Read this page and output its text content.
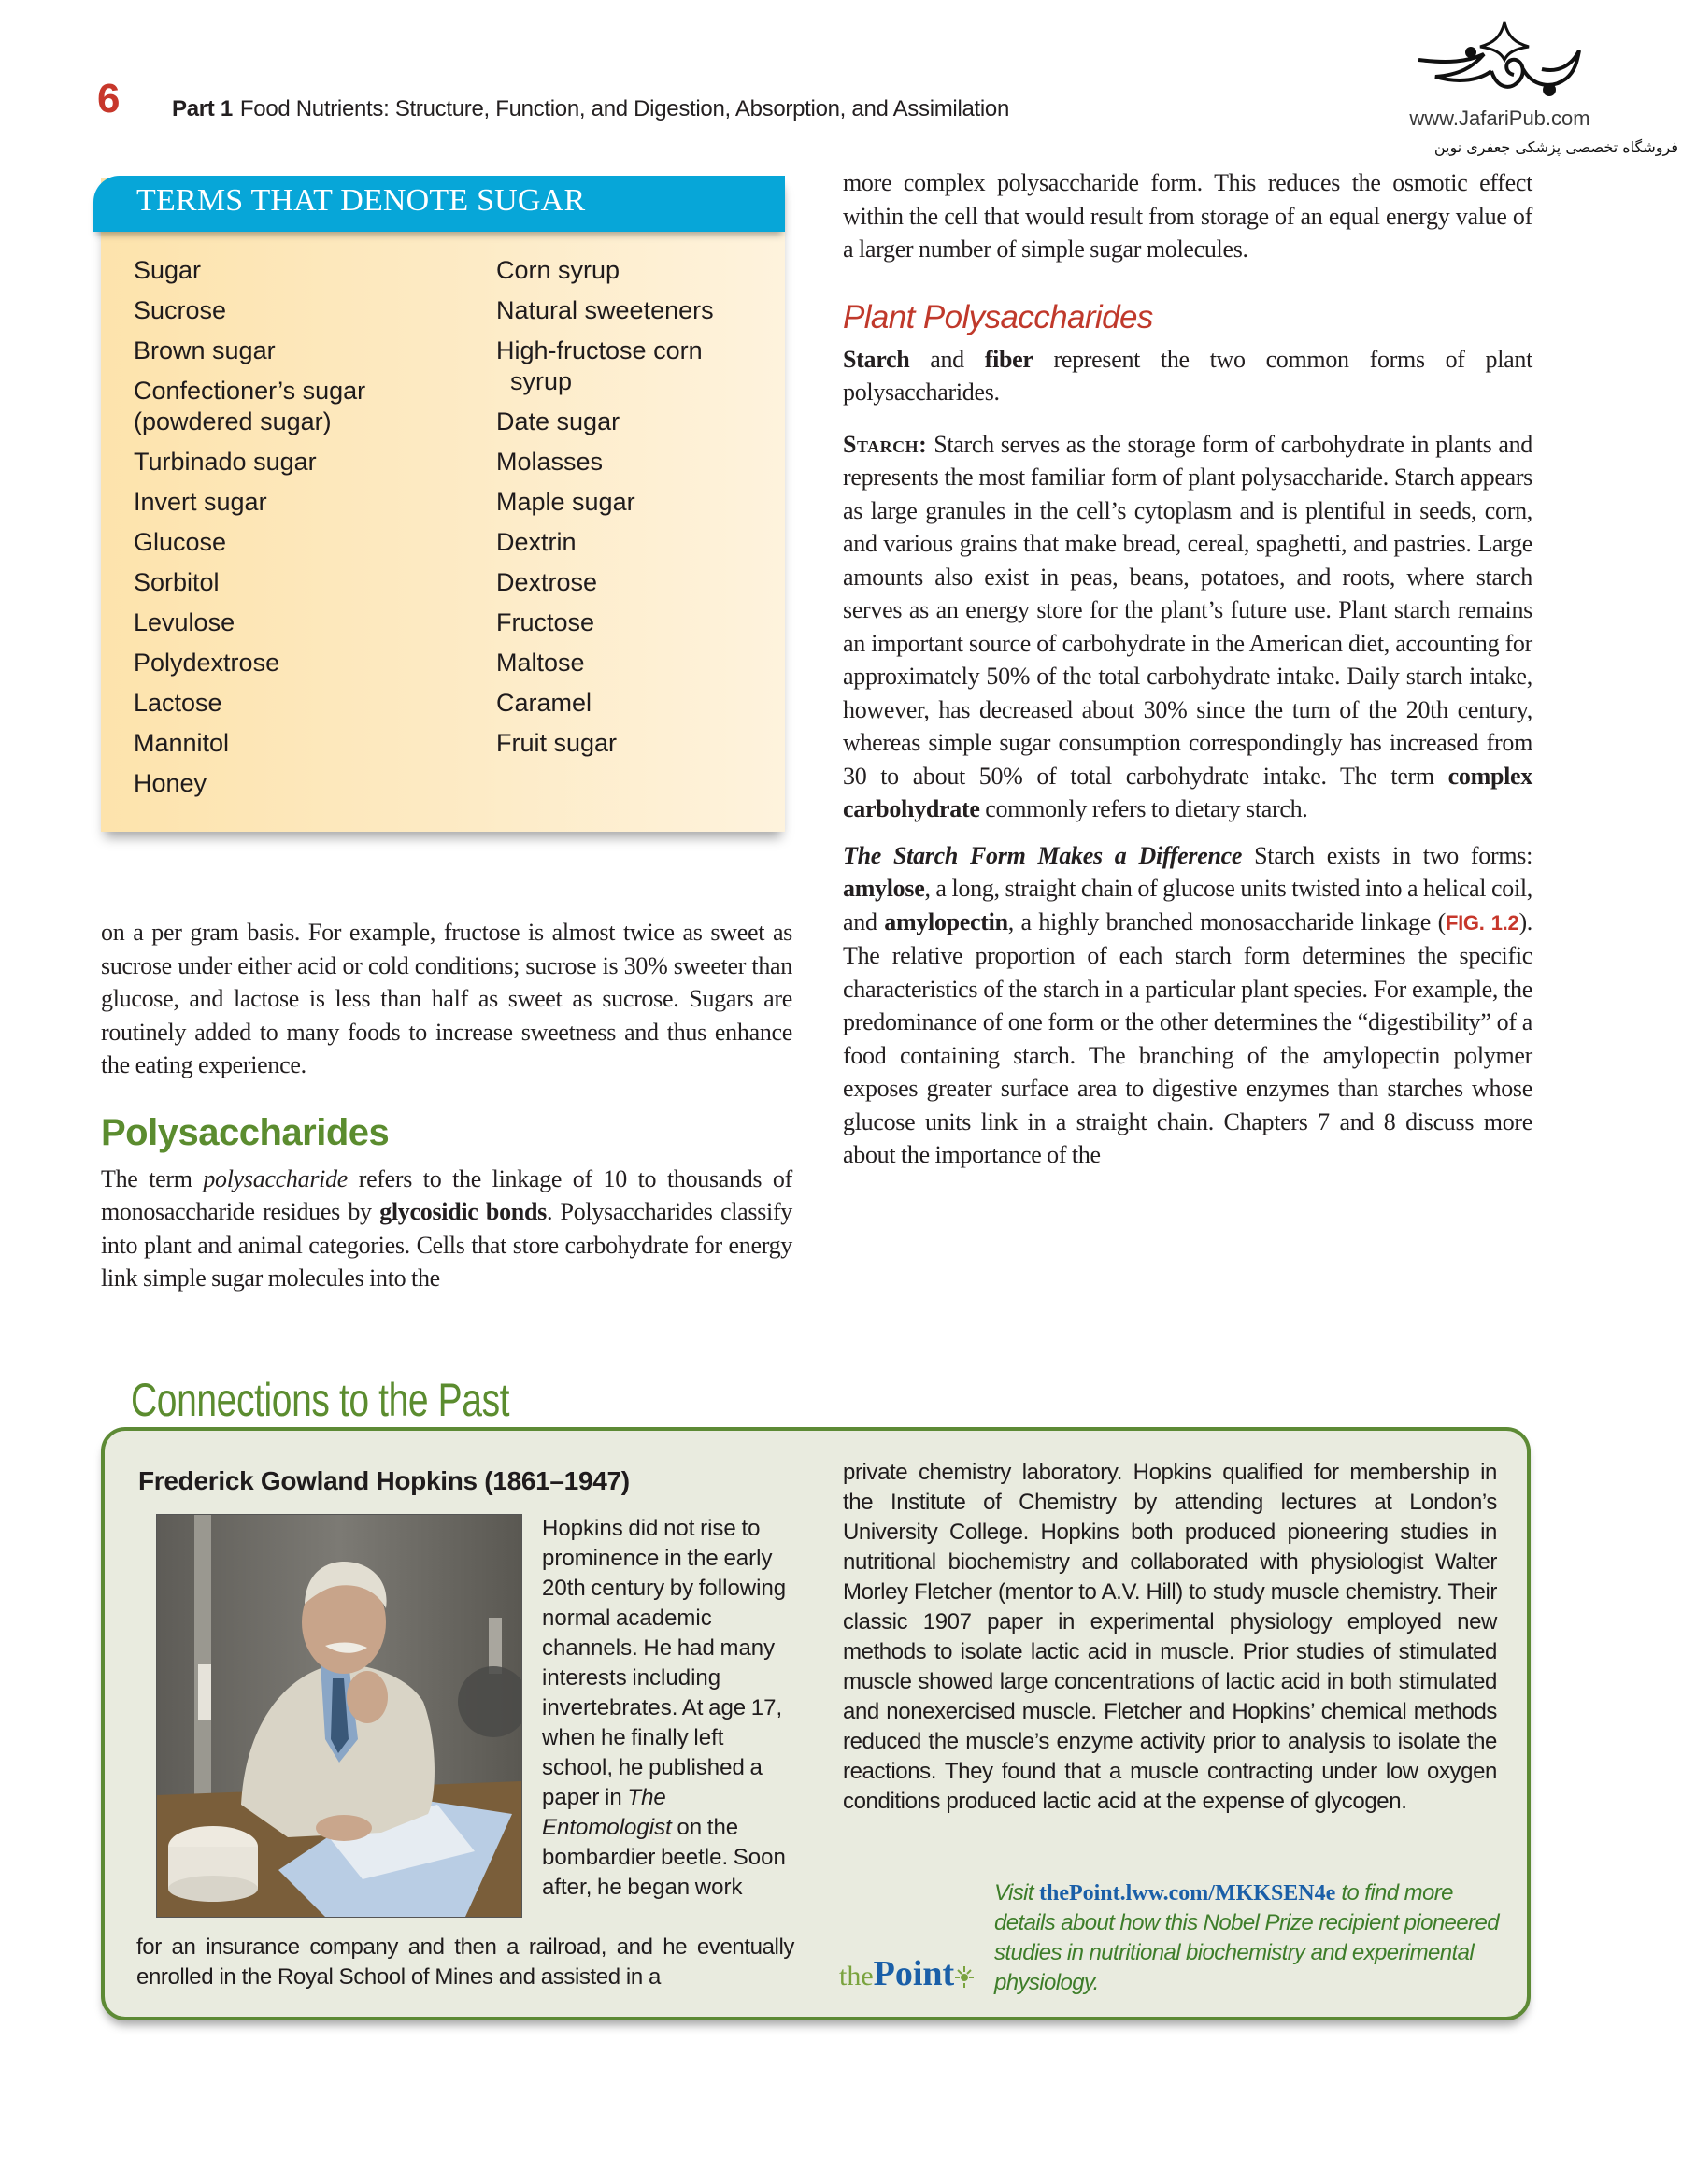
6 Part 1 Food Nutrients: Structure, Function, and Digestion, Absorption, and Assimilation	www.JafariPub.com
فروشگاه تخصصی پزشکی جعفری نوین
TERMS THAT DENOTE SUGAR
Sugar
Sucrose
Brown sugar
Confectioner’s sugar
(powdered sugar)
Turbinado sugar
Invert sugar
Glucose
Sorbitol
Levulose
Polydextrose
Lactose
Mannitol
Honey
Corn syrup
Natural sweeteners
High-fructose corn
syrup
Date sugar
Molasses
Maple sugar
Dextrin
Dextrose
Fructose
Maltose
Caramel
Fruit sugar

on a per gram basis. For example, fructose is almost twice as sweet as sucrose under either acid or cold conditions; sucrose is 30% sweeter than glucose, and lactose is less than half as sweet as sucrose. Sugars are routinely added to many foods to increase sweetness and thus enhance the eating experience.

Polysaccharides

The term polysaccharide refers to the linkage of 10 to thousands of monosaccharide residues by glycosidic bonds. Polysaccharides classify into plant and animal categories. Cells that store carbohydrate for energy link simple sugar molecules into the

more complex polysaccharide form. This reduces the osmotic effect within the cell that would result from storage of an equal energy value of a larger number of simple sugar molecules.

Plant Polysaccharides

Starch and fiber represent the two common forms of plant polysaccharides.

Starch: Starch serves as the storage form of carbohydrate in plants and represents the most familiar form of plant polysaccharide. Starch appears as large granules in the cell’s cytoplasm and is plentiful in seeds, corn, and various grains that make bread, cereal, spaghetti, and pastries. Large amounts also exist in peas, beans, potatoes, and roots, where starch serves as an energy store for the plant’s future use. Plant starch remains an important source of carbohydrate in the American diet, accounting for approximately 50% of the total carbohydrate intake. Daily starch intake, however, has decreased about 30% since the turn of the 20th century, whereas simple sugar consumption correspondingly has increased from 30 to about 50% of total carbohydrate intake. The term complex carbohydrate commonly refers to dietary starch.

The Starch Form Makes a Difference Starch exists in two forms: amylose, a long, straight chain of glucose units twisted into a helical coil, and amylopectin, a highly branched monosaccharide linkage (FIG. 1.2). The relative proportion of each starch form determines the specific characteristics of the starch in a particular plant species. For example, the predominance of one form or the other determines the “digestibility” of a food containing starch. The branching of the amylopectin polymer exposes greater surface area to digestive enzymes than starches whose glucose units link in a straight chain. Chapters 7 and 8 discuss more about the importance of the

Connections to the Past
Frederick Gowland Hopkins (1861–1947)

Hopkins did not rise to prominence in the early 20th century by following normal academic channels. He had many interests including invertebrates. At age 17, when he finally left school, he published a paper in The Entomologist on the bombardier beetle. Soon after, he began work

for an insurance company and then a railroad, and he eventually enrolled in the Royal School of Mines and assisted in a

private chemistry laboratory. Hopkins qualified for membership in the Institute of Chemistry by attending lectures at London’s University College. Hopkins both produced pioneering studies in nutritional biochemistry and collaborated with physiologist Walter Morley Fletcher (mentor to A.V. Hill) to study muscle chemistry. Their classic 1907 paper in experimental physiology employed new methods to isolate lactic acid in muscle. Prior studies of stimulated muscle showed large concentrations of lactic acid in both stimulated and nonexercised muscle. Fletcher and Hopkins’ chemical methods reduced the muscle’s enzyme activity prior to analysis to isolate the reactions. They found that a muscle contracting under low oxygen conditions produced lactic acid at the expense of glycogen.

thePoint
Visit thePoint.lww.com/MKKSEN4e to find more details about how this Nobel Prize recipient pioneered studies in nutritional biochemistry and experimental physiology.
